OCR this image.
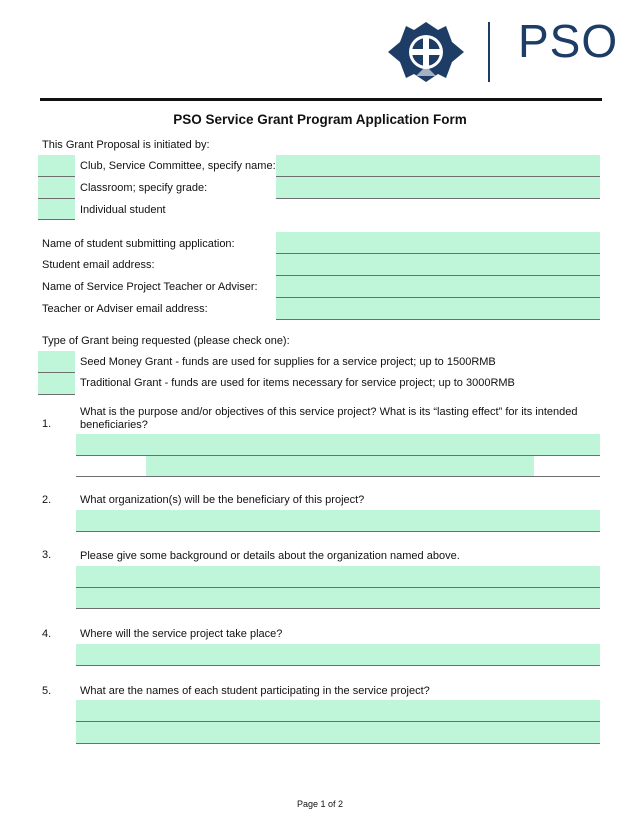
PSO
PSO Service Grant Program Application Form
This Grant Proposal is initiated by:
Club, Service Committee, specify name:
Classroom; specify grade:
Individual student
Name of student submitting application:
Student email address:
Name of Service Project Teacher or Adviser:
Teacher or Adviser email address:
Type of Grant being requested (please check one):
Seed Money Grant - funds are used for supplies for a service project; up to 1500RMB
Traditional Grant - funds are used for items necessary for service project; up to 3000RMB
1.
What is the purpose and/or objectives of this service project? What is its “lasting effect” for its intended
beneficiaries?
2.	What organization(s) will be the beneficiary of this project?
3.	Please give some background or details about the organization named above.
4.	Where will the service project take place?
5.	What are the names of each student participating in the service project?
Page 1 of 2
